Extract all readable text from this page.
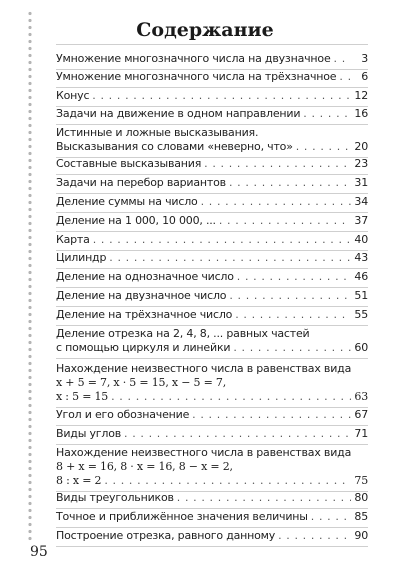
Содержание
Умножение многозначного числа на двузначное . . .	3
Умножение многозначного числа на трёхзначное . . .	6
Конус . . .	12
Задачи на движение в одном направлении . . .	16
Истинные и ложные высказывания.
Высказывания со словами «неверно, что» . . .	20
Составные высказывания . . .	23
Задачи на перебор вариантов . . .	31
Деление суммы на число . . .	34
Деление на 1 000, 10 000, ... . . .	37
Карта . . .	40
Цилиндр . . .	43
Деление на однозначное число . . .	46
Деление на двузначное число . . .	51
Деление на трёхзначное число . . .	55
Деление отрезка на 2, 4, 8, ... равных частей
с помощью циркуля и линейки . . .	60
Нахождение неизвестного числа в равенствах вида
x + 5 = 7, x · 5 = 15, x − 5 = 7,
x : 5 = 15 . . .	63
Угол и его обозначение . . .	67
Виды углов . . .	71
Нахождение неизвестного числа в равенствах вида
8 + x = 16, 8 · x = 16, 8 − x = 2,
8 : x = 2 . . .	75
Виды треугольников . . .	80
Точное и приближённое значения величины . . .	85
Построение отрезка, равного данному . . .	90
95
